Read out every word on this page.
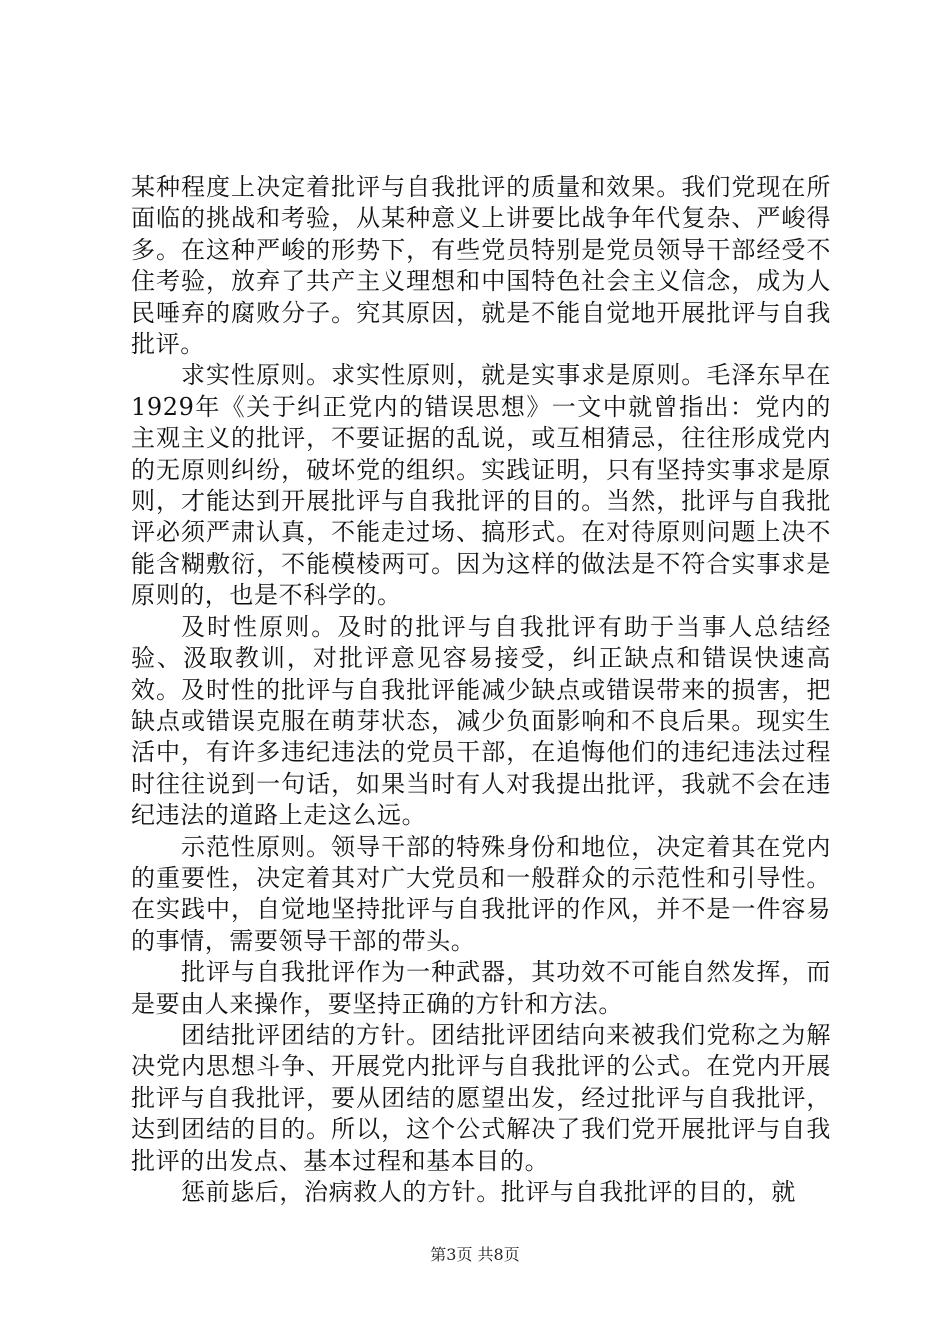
某种程度上决定着批评与自我批评的质量和效果。我们党现在所面临的挑战和考验，从某种意义上讲要比战争年代复杂、严峻得多。在这种严峻的形势下，有些党员特别是党员领导干部经受不住考验，放弃了共产主义理想和中国特色社会主义信念，成为人民唾弃的腐败分子。究其原因，就是不能自觉地开展批评与自我批评。

求实性原则。求实性原则，就是实事求是原则。毛泽东早在1929年《关于纠正党内的错误思想》一文中就曾指出：党内的主观主义的批评，不要证据的乱说，或互相猜忌，往往形成党内的无原则纠纷，破坏党的组织。实践证明，只有坚持实事求是原则，才能达到开展批评与自我批评的目的。当然，批评与自我批评必须严肃认真，不能走过场、搞形式。在对待原则问题上决不能含糊敷衍，不能模棱两可。因为这样的做法是不符合实事求是原则的，也是不科学的。

及时性原则。及时的批评与自我批评有助于当事人总结经验、汲取教训，对批评意见容易接受，纠正缺点和错误快速高效。及时性的批评与自我批评能减少缺点或错误带来的损害，把缺点或错误克服在萌芽状态，减少负面影响和不良后果。现实生活中，有许多违纪违法的党员干部，在追悔他们的违纪违法过程时往往说到一句话，如果当时有人对我提出批评，我就不会在违纪违法的道路上走这么远。

示范性原则。领导干部的特殊身份和地位，决定着其在党内的重要性，决定着其对广大党员和一般群众的示范性和引导性。在实践中，自觉地坚持批评与自我批评的作风，并不是一件容易的事情，需要领导干部的带头。

批评与自我批评作为一种武器，其功效不可能自然发挥，而是要由人来操作，要坚持正确的方针和方法。

团结批评团结的方针。团结批评团结向来被我们党称之为解决党内思想斗争、开展党内批评与自我批评的公式。在党内开展批评与自我批评，要从团结的愿望出发，经过批评与自我批评，达到团结的目的。所以，这个公式解决了我们党开展批评与自我批评的出发点、基本过程和基本目的。

惩前毖后，治病救人的方针。批评与自我批评的目的，就

第3页 共8页
